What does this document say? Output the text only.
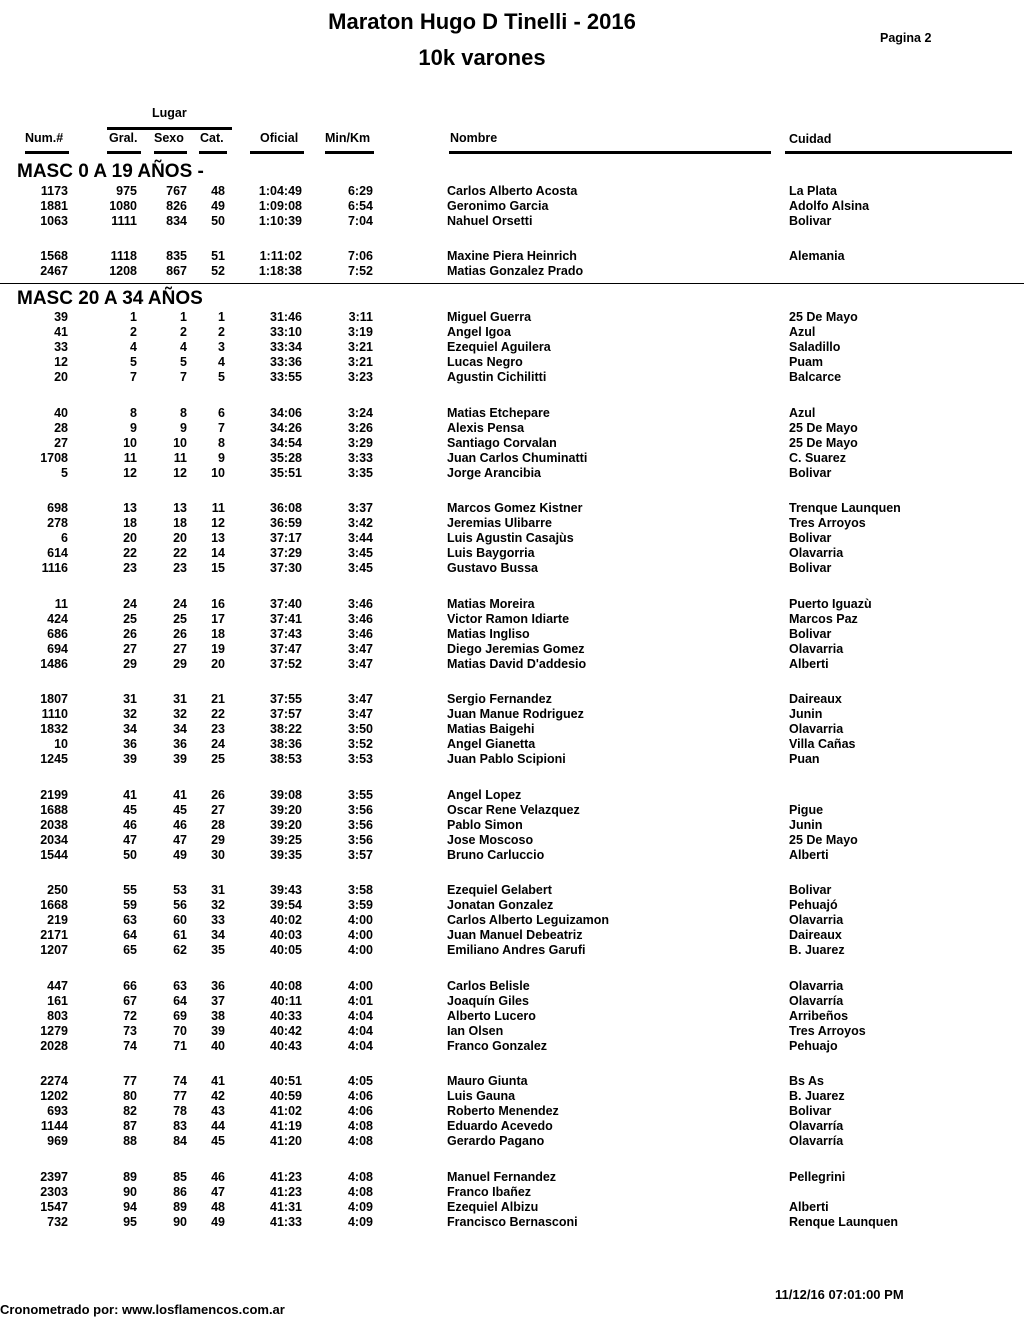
Maraton Hugo D Tinelli - 2016
10k varones
Pagina 2
Lugar
Num.#	Gral. Sexo Cat.	Oficial Min/Km	Nombre	Cuidad
MASC 0 A 19 AÑOS -
MASC 20 A 34 AÑOS
1173	975 767 48	1:04:49	6:29	Carlos Alberto Acosta	La Plata
1881	1080 826 49	1:09:08	6:54	Geronimo Garcia	Adolfo Alsina
1063	1111 834 50	1:10:39	7:04	Nahuel Orsetti	Bolivar
1568	1118 835 51	1:11:02	7:06	Maxine Piera Heinrich	Alemania
2467	1208 867 52	1:18:38	7:52	Matias Gonzalez Prado
39	1	1 1	31:46	3:11	Miguel Guerra	25 De Mayo
41	2	2 2	33:10	3:19	Angel Igoa	Azul
33	4	4 3	33:34	3:21	Ezequiel Aguilera	Saladillo
12	5	5 4	33:36	3:21	Lucas Negro	Puam
20	7	7 5	33:55	3:23	Agustin Cichilitti	Balcarce
40	8	8 6	34:06	3:24	Matias Etchepare	Azul
28	9	9 7	34:26	3:26	Alexis Pensa	25 De Mayo
27	10	10 8	34:54	3:29	Santiago Corvalan	25 De Mayo
1708	11	11 9	35:28	3:33	Juan Carlos Chuminatti	C. Suarez
5	12	12 10	35:51	3:35	Jorge Arancibia	Bolivar
698	13	13 11	36:08	3:37	Marcos Gomez Kistner	Trenque Launquen
278	18	18 12	36:59	3:42	Jeremias Ulibarre	Tres Arroyos
6	20	20 13	37:17	3:44	Luis Agustin Casajùs	Bolivar
614	22	22 14	37:29	3:45	Luis Baygorria	Olavarria
1116	23	23 15	37:30	3:45	Gustavo Bussa	Bolivar
11	24	24 16	37:40	3:46	Matias Moreira	Puerto Iguazù
424	25	25 17	37:41	3:46	Victor Ramon Idiarte	Marcos Paz
686	26	26 18	37:43	3:46	Matias Ingliso	Bolivar
694	27	27 19	37:47	3:47	Diego Jeremias Gomez	Olavarria
1486	29	29 20	37:52	3:47	Matias David D'addesio	Alberti
1807	31	31 21	37:55	3:47	Sergio Fernandez	Daireaux
1110	32	32 22	37:57	3:47	Juan Manue Rodriguez	Junin
1832	34	34 23	38:22	3:50	Matias Baigehi	Olavarria
10	36	36 24	38:36	3:52	Angel Gianetta	Villa Cañas
1245	39	39 25	38:53	3:53	Juan Pablo Scipioni	Puan
2199	41	41 26	39:08	3:55	Angel Lopez
1688	45	45 27	39:20	3:56	Oscar Rene Velazquez	Pigue
2038	46	46 28	39:20	3:56	Pablo Simon	Junin
2034	47	47 29	39:25	3:56	Jose Moscoso	25 De Mayo
1544	50	49 30	39:35	3:57	Bruno Carluccio	Alberti
250	55	53 31	39:43	3:58	Ezequiel Gelabert	Bolivar
1668	59	56 32	39:54	3:59	Jonatan Gonzalez	Pehuajó
219	63	60 33	40:02	4:00	Carlos Alberto Leguizamon	Olavarria
2171	64	61 34	40:03	4:00	Juan Manuel Debeatriz	Daireaux
1207	65	62 35	40:05	4:00	Emiliano Andres Garufi	B. Juarez
447	66	63 36	40:08	4:00	Carlos Belisle	Olavarria
161	67	64 37	40:11	4:01	Joaquín Giles	Olavarría
803	72	69 38	40:33	4:04	Alberto Lucero	Arribeños
1279	73	70 39	40:42	4:04	Ian Olsen	Tres Arroyos
2028	74	71 40	40:43	4:04	Franco Gonzalez	Pehuajo
2274	77	74 41	40:51	4:05	Mauro Giunta	Bs As
1202	80	77 42	40:59	4:06	Luis Gauna	B. Juarez
693	82	78 43	41:02	4:06	Roberto Menendez	Bolivar
1144	87	83 44	41:19	4:08	Eduardo Acevedo	Olavarría
969	88	84 45	41:20	4:08	Gerardo Pagano	Olavarría
2397	89	85 46	41:23	4:08	Manuel Fernandez	Pellegrini
2303	90	86 47	41:23	4:08	Franco Ibañez
1547	94	89 48	41:31	4:09	Ezequiel Albizu	Alberti
732	95	90 49	41:33	4:09	Francisco Bernasconi	Renque Launquen
11/12/16 07:01:00 PM
Cronometrado por: www.losflamencos.com.ar
